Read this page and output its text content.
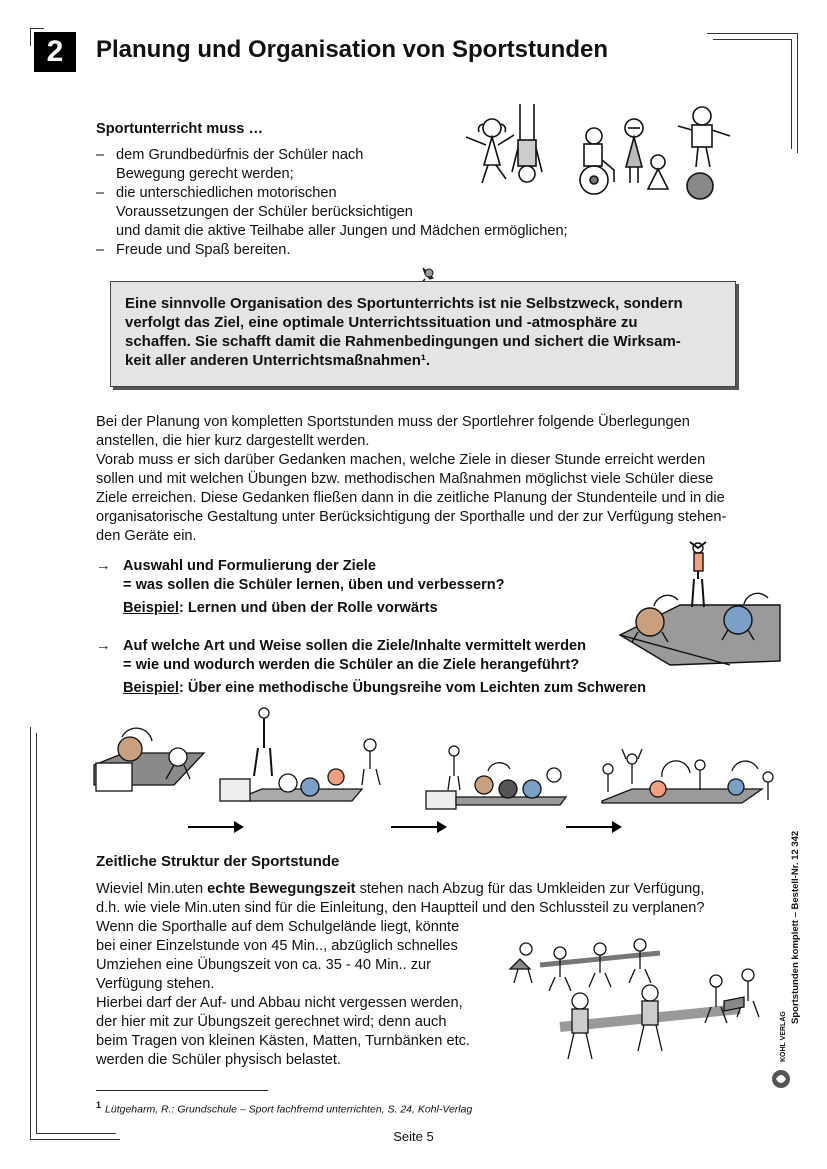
2	Planung und Organisation von Sportstunden
Sportunterricht muss …
– dem Grundbedürfnis der Schüler nach
Bewegung gerecht werden;
– die unterschiedlichen motorischen
Voraussetzungen der Schüler berücksichtigen
und damit die aktive Teilhabe aller Jungen und Mädchen ermöglichen;
– Freude und Spaß bereiten.
Eine sinnvolle Organisation des Sportunterrichts ist nie Selbstzweck, sondern
verfolgt das Ziel, eine optimale Unterrichtssituation und -atmosphäre zu
schaffen. Sie schafft damit die Rahmenbedingungen und sichert die Wirksam-
keit aller anderen Unterrichtsmaßnahmen¹.
Bei der Planung von kompletten Sportstunden muss der Sportlehrer folgende Überlegungen
anstellen, die hier kurz dargestellt werden.
Vorab muss er sich darüber Gedanken machen, welche Ziele in dieser Stunde erreicht werden
sollen und mit welchen Übungen bzw. methodischen Maßnahmen möglichst viele Schüler diese
Ziele erreichen. Diese Gedanken fließen dann in die zeitliche Planung der Stundenteile und in die
organisatorische Gestaltung unter Berücksichtigung der Sporthalle und der zur Verfügung stehen-
den Geräte ein.
→ Auswahl und Formulierung der Ziele
= was sollen die Schüler lernen, üben und verbessern?
Beispiel: Lernen und üben der Rolle vorwärts
→ Auf welche Art und Weise sollen die Ziele/Inhalte vermittelt werden
= wie und wodurch werden die Schüler an die Ziele herangeführt?
Beispiel: Über eine methodische Übungsreihe vom Leichten zum Schweren
Zeitliche Struktur der Sportstunde
Wieviel Min.uten echte Bewegungszeit stehen nach Abzug für das Umkleiden zur Verfügung,
d.h. wie viele Min.uten sind für die Einleitung, den Hauptteil und den Schlussteil zu verplanen?
Wenn die Sporthalle auf dem Schulgelände liegt, könnte
bei einer Einzelstunde von 45 Min.., abzüglich schnelles
Umziehen eine Übungszeit von ca. 35 - 40 Min.. zur
Verfügung stehen.
Hierbei darf der Auf- und Abbau nicht vergessen werden,
der hier mit zur Übungszeit gerechnet wird; denn auch
beim Tragen von kleinen Kästen, Matten, Turnbänken etc.
werden die Schüler physisch belastet.
$^1$ Lütgeharm, R.: Grundschule – Sport fachfremd unterrichten, S. 24, Kohl-Verlag
Sportstunden komplett – Bestell-Nr. 12 342
KOHL VERLAG
Seite 5
